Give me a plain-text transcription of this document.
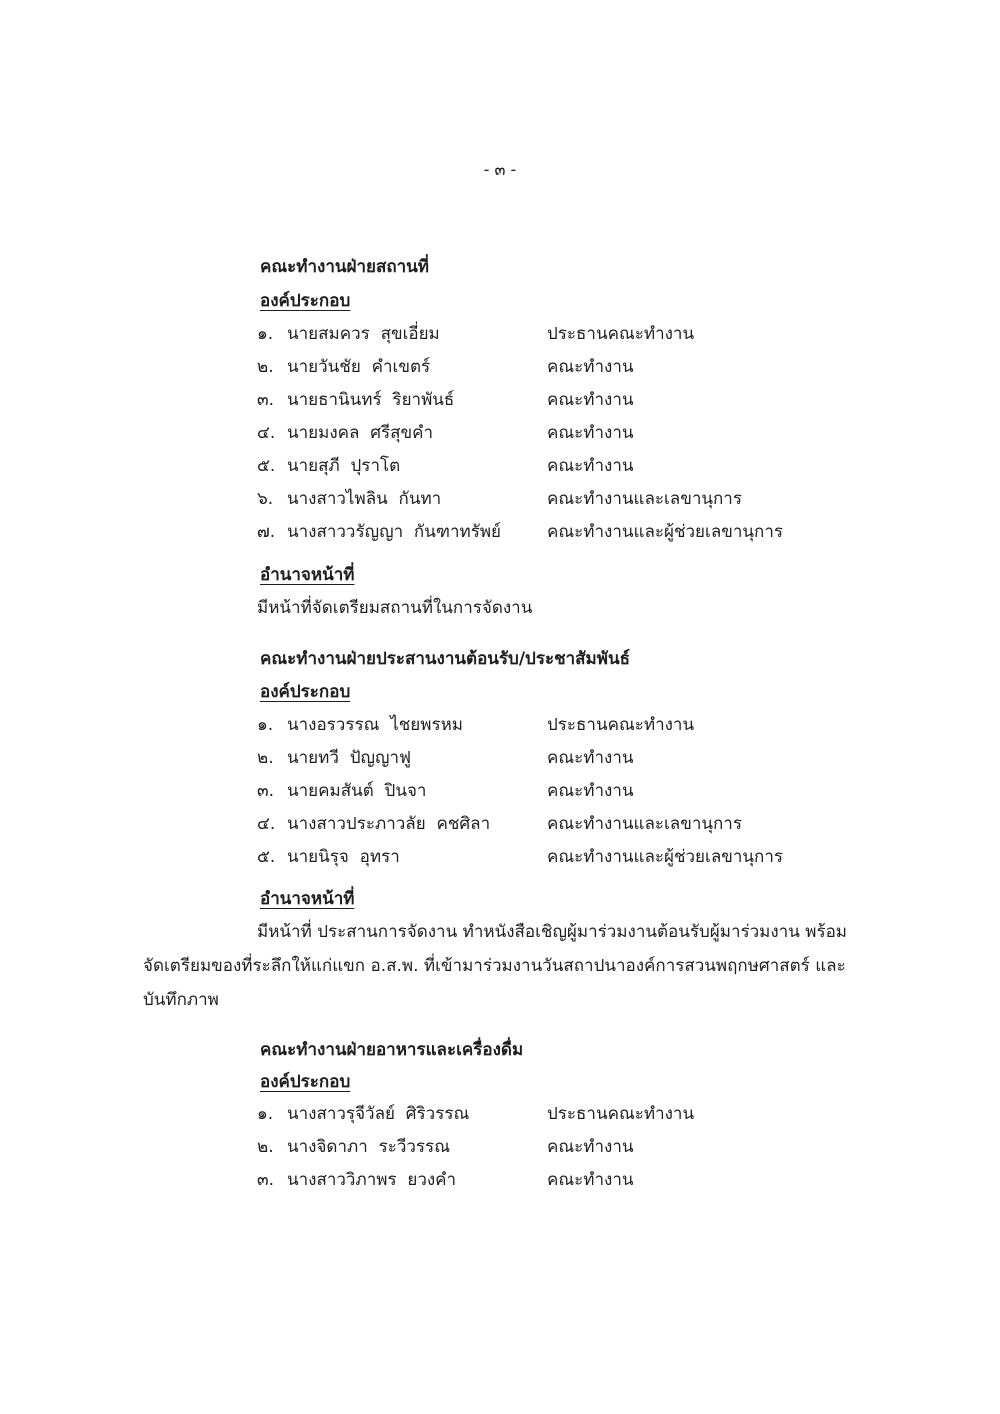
- ๓ -
คณะทำงานฝ่ายสถานที่
องค์ประกอบ
๑. นายสมควร  สุขเอี่ยม	ประธานคณะทำงาน
๒. นายวันชัย  คำเขตร์	คณะทำงาน
๓. นายธานินทร์  ริยาพันธ์	คณะทำงาน
๔. นายมงคล  ศรีสุขคำ	คณะทำงาน
๕. นายสุภี  ปุราโต	คณะทำงาน
๖. นางสาวไพลิน  กันทา	คณะทำงานและเลขานุการ
๗. นางสาววรัญญา  กันฑาทรัพย์	คณะทำงานและผู้ช่วยเลขานุการ
อำนาจหน้าที่
มีหน้าที่จัดเตรียมสถานที่ในการจัดงาน
คณะทำงานฝ่ายประสานงานต้อนรับ/ประชาสัมพันธ์
องค์ประกอบ
๑. นางอรวรรณ  ไชยพรหม	ประธานคณะทำงาน
๒. นายทวี  ปัญญาฟู	คณะทำงาน
๓. นายคมสันต์  ปินจา	คณะทำงาน
๔. นางสาวประภาวลัย  คชศิลา	คณะทำงานและเลขานุการ
๕. นายนิรุจ  อุทรา	คณะทำงานและผู้ช่วยเลขานุการ
อำนาจหน้าที่
มีหน้าที่ ประสานการจัดงาน ทำหนังสือเชิญผู้มาร่วมงานต้อนรับผู้มาร่วมงาน พร้อม
จัดเตรียมของที่ระลึกให้แก่แขก อ.ส.พ. ที่เข้ามาร่วมงานวันสถาปนาองค์การสวนพฤกษศาสตร์ และ
บันทึกภาพ
คณะทำงานฝ่ายอาหารและเครื่องดื่ม
องค์ประกอบ
๑. นางสาวรุจีวัลย์  ศิริวรรณ	ประธานคณะทำงาน
๒. นางจิดาภา  ระวีวรรณ	คณะทำงาน
๓. นางสาววิภาพร  ยวงคำ	คณะทำงาน
